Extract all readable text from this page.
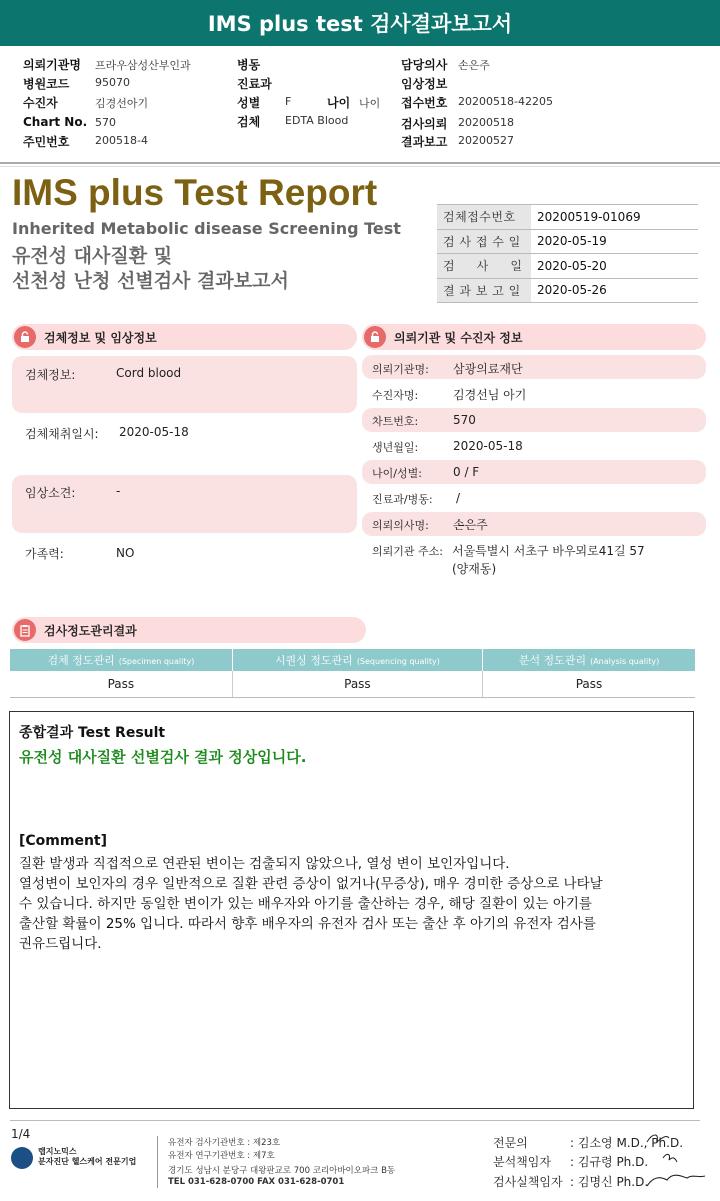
IMS plus test 검사결과보고서
의뢰기관명 프라우삼성산부인과
병원코드 95070
수진자	김경선아기
Chart No. 570
주민번호 200518-4
병동
진료과
성별 F	나이 나이
검체 EDTA Blood
담당의사 손은주
임상정보
접수번호 20200518-42205
검사의뢰 20200518
결과보고 20200527
IMS plus Test Report
Inherited Metabolic disease Screening Test
유전성 대사질환 및
선천성 난청 선별검사 결과보고서
검체접수번호	20200519-01069
검 사 접 수 일	2020-05-19
검     사     일	2020-05-20
결 과 보 고 일	2020-05-26
검체정보 및 임상정보
검체정보:	Cord blood
검체채취일시: 2020-05-18
임상소견:	-
가족력:	NO
의뢰기관 및 수진자 정보
의뢰기관명: 삼광의료재단
수진자명:	김경선님 아기
차트번호:	570
생년월일:	2020-05-18
나이/성별:	0 / F
진료과/병동: /
의뢰의사명: 손은주
의뢰기관 주소: 서울특별시 서초구 바우뫼로41길 57
(양재동)
검사정도관리결과
검체 정도관리 (Specimen quality)	시퀀싱 정도관리 (Sequencing quality)	분석 정도관리 (Analysis quality)
Pass	Pass	Pass
종합결과 Test Result
유전성 대사질환 선별검사 결과 정상입니다.
[Comment]
질환 발생과 직접적으로 연관된 변이는 검출되지 않았으나, 열성 변이 보인자입니다.
열성변이 보인자의 경우 일반적으로 질환 관련 증상이 없거나(무증상), 매우 경미한 증상으로 나타날
수 있습니다. 하지만 동일한 변이가 있는 배우자와 아기를 출산하는 경우, 해당 질환이 있는 아기를
출산할 확률이 25% 입니다. 따라서 향후 배우자의 유전자 검사 또는 출산 후 아기의 유전자 검사를
권유드립니다.
1/4
랩지노믹스
분자진단 헬스케어 전문기업
유전자 검사기관번호 : 제23호
유전자 연구기관번호 : 제7호
경기도 성남시 분당구 대왕판교로 700 코리아바이오파크 B동
TEL 031-628-0700 FAX 031-628-0701
전문의	: 김소영 M.D., Ph.D.
분석책임자 : 김규령 Ph.D.
검사실책임자 : 김명신 Ph.D.
